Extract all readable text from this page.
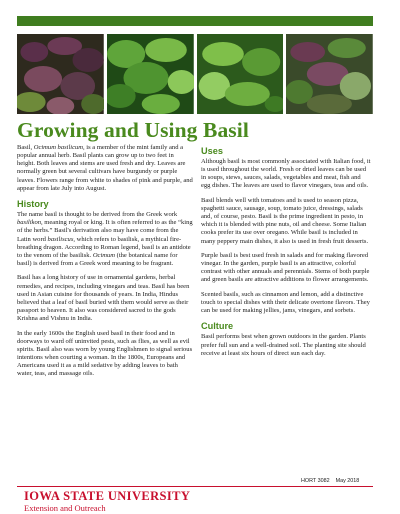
Growing and Using Basil

Basil, Ocimum basilicum, is a member of the mint family and a popular annual herb. Basil plants can grow up to two feet in height. Both leaves and stems are used fresh and dry. Leaves are normally green but several cultivars have burgundy or purple leaves. Flowers range from white to shades of pink and purple, and appear from late July into August.

History

The name basil is thought to be derived from the Greek work basilikon, meaning royal or king. It is often referred to as the “king of the herbs.” Basil's derivation also may have come from the Latin word basiliscus, which refers to basilisk, a mythical fire-breathing dragon. According to Roman legend, basil is an antidote to the venom of the basilisk. Ocimum (the botanical name for basil) is derived from a Greek word meaning to be fragrant.

Basil has a long history of use in ornamental gardens, herbal remedies, and recipes, including vinegars and teas. Basil has been used in Asian cuisine for thousands of years. In India, Hindus believed that a leaf of basil buried with them would serve as their passport to heaven. It also was considered sacred to the gods Krishna and Vishnu in India.

In the early 1600s the English used basil in their food and in doorways to ward off uninvited pests, such as flies, as well as evil spirits. Basil also was worn by young Englishmen to signal serious intentions when courting a woman. In the 1800s, Europeans and Americans used it as a mild sedative by adding leaves to bath water, teas, and massage oils.

Uses

Although basil is most commonly associated with Italian food, it is used throughout the world. Fresh or dried leaves can be used in soups, stews, sauces, salads, vegetables and meat, fish and egg dishes. The leaves are used to flavor vinegars, teas and oils.

Basil blends well with tomatoes and is used to season pizza, spaghetti sauce, sausage, soup, tomato juice, dressings, salads and, of course, pesto. Basil is the prime ingredient in pesto, in which it is blended with pine nuts, oil and cheese. Some Italian cooks prefer its use over oregano. While basil is included in many peppery main dishes, it also is used in fresh fruit desserts.

Purple basil is best used fresh in salads and for making flavored vinegar. In the garden, purple basil is an attractive, colorful contrast with other annuals and perennials. Stems of both purple and green basils are attractive additions to flower arrangements.

Scented basils, such as cinnamon and lemon, add a distinctive touch to special dishes with their delicate overtone flavors. They can be used for making jellies, jams, vinegars, and sorbets.

Culture

Basil performs best when grown outdoors in the garden. Plants prefer full sun and a well-drained soil. The planting site should receive at least six hours of direct sun each day.

HORT 3082 May 2018
IOWA STATE UNIVERSITY
Extension and Outreach
